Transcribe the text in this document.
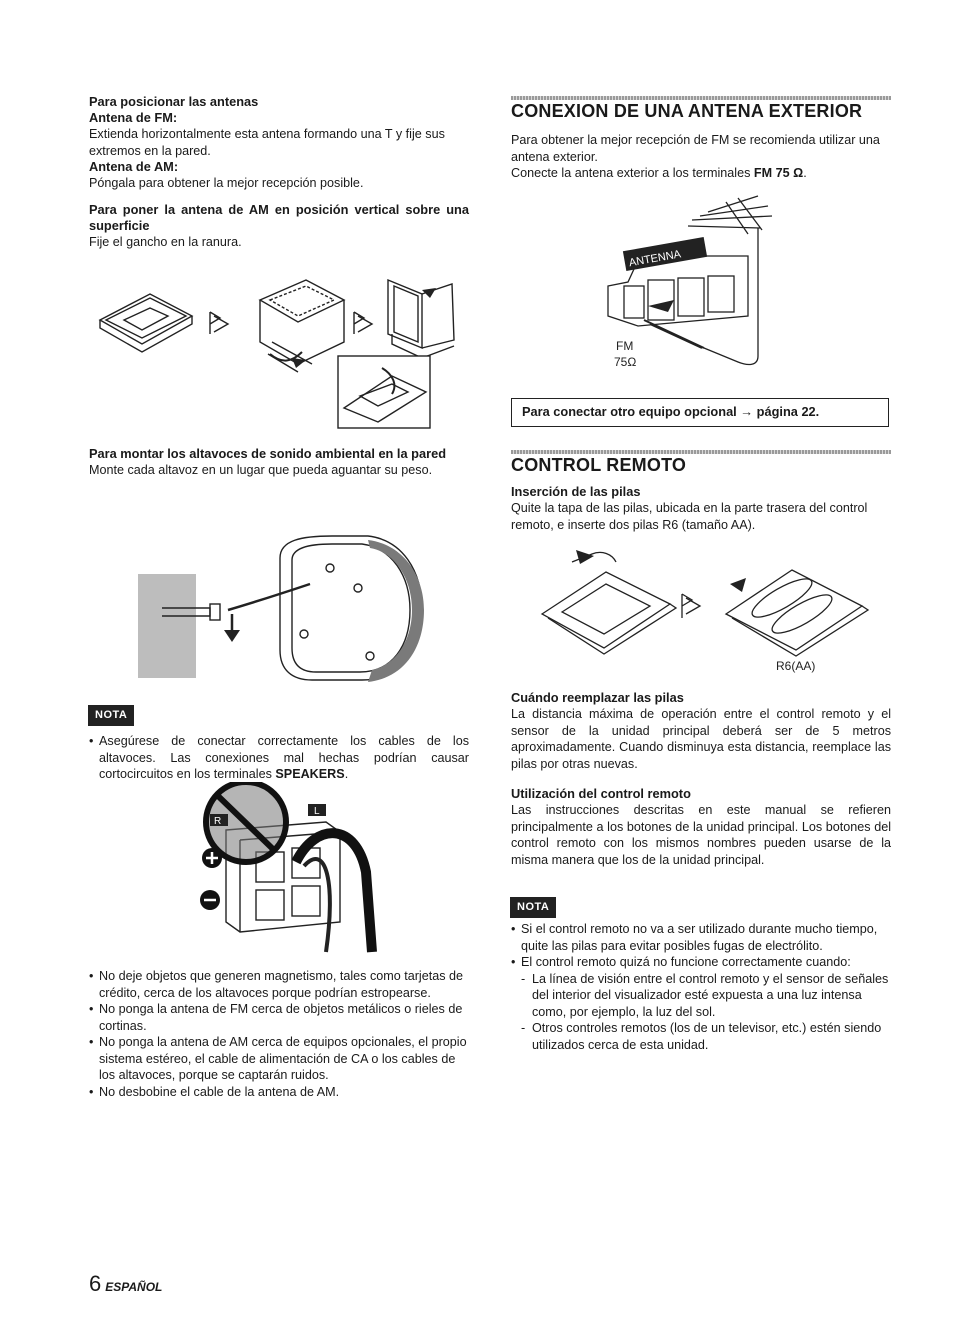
Para posicionar las antenas

Antena de FM:

Extienda horizontalmente esta antena formando una T y fije sus extremos en la pared.

Antena de AM:

Póngala para obtener la mejor recepción posible.

Para poner la antena de AM en posición vertical sobre una superficie

Fije el gancho en la ranura.

Para montar los altavoces de sonido ambiental en la pared

Monte cada altavoz en un lugar que pueda aguantar su peso.

NOTA
• Asegúrese de conectar correctamente los cables de los altavoces. Las conexiones mal hechas podrían causar cortocircuitos en los terminales SPEAKERS.
R
L
• No deje objetos que generen magnetismo, tales como tarjetas de crédito, cerca de los altavoces porque podrían estropearse.
• No ponga la antena de FM cerca de objetos metálicos o rieles de cortinas.
• No ponga la antena de AM cerca de equipos opcionales, el propio sistema estéreo, el cable de alimentación de CA o los cables de los altavoces, porque se captarán ruidos.
• No desbobine el cable de la antena de AM.

CONEXION DE UNA ANTENA EXTERIOR

Para obtener la mejor recepción de FM se recomienda utilizar una antena exterior.

Conecte la antena exterior a los terminales FM 75 Ω.

ANTENNA
FM
75Ω
Para conectar otro equipo opcional → página 22.

CONTROL REMOTO

Inserción de las pilas

Quite la tapa de las pilas, ubicada en la parte trasera del control remoto, e inserte dos pilas R6 (tamaño AA).

R6(AA)

Cuándo reemplazar las pilas

La distancia máxima de operación entre el control remoto y el sensor de la unidad principal deberá ser de 5 metros aproximadamente. Cuando disminuya esta distancia, reemplace las pilas por otras nuevas.

Utilización del control remoto

Las instrucciones descritas en este manual se refieren principalmente a los botones de la unidad principal. Los botones del control remoto con los mismos nombres pueden usarse de la misma manera que los de la unidad principal.

NOTA
• Si el control remoto no va a ser utilizado durante mucho tiempo, quite las pilas para evitar posibles fugas de electrólito.
• El control remoto quizá no funcione correctamente cuando:
- La línea de visión entre el control remoto y el sensor de señales del interior del visualizador esté expuesta a una luz intensa como, por ejemplo, la luz del sol.
- Otros controles remotos (los de un televisor, etc.) estén siendo utilizados cerca de esta unidad.
6 ESPAÑOL
